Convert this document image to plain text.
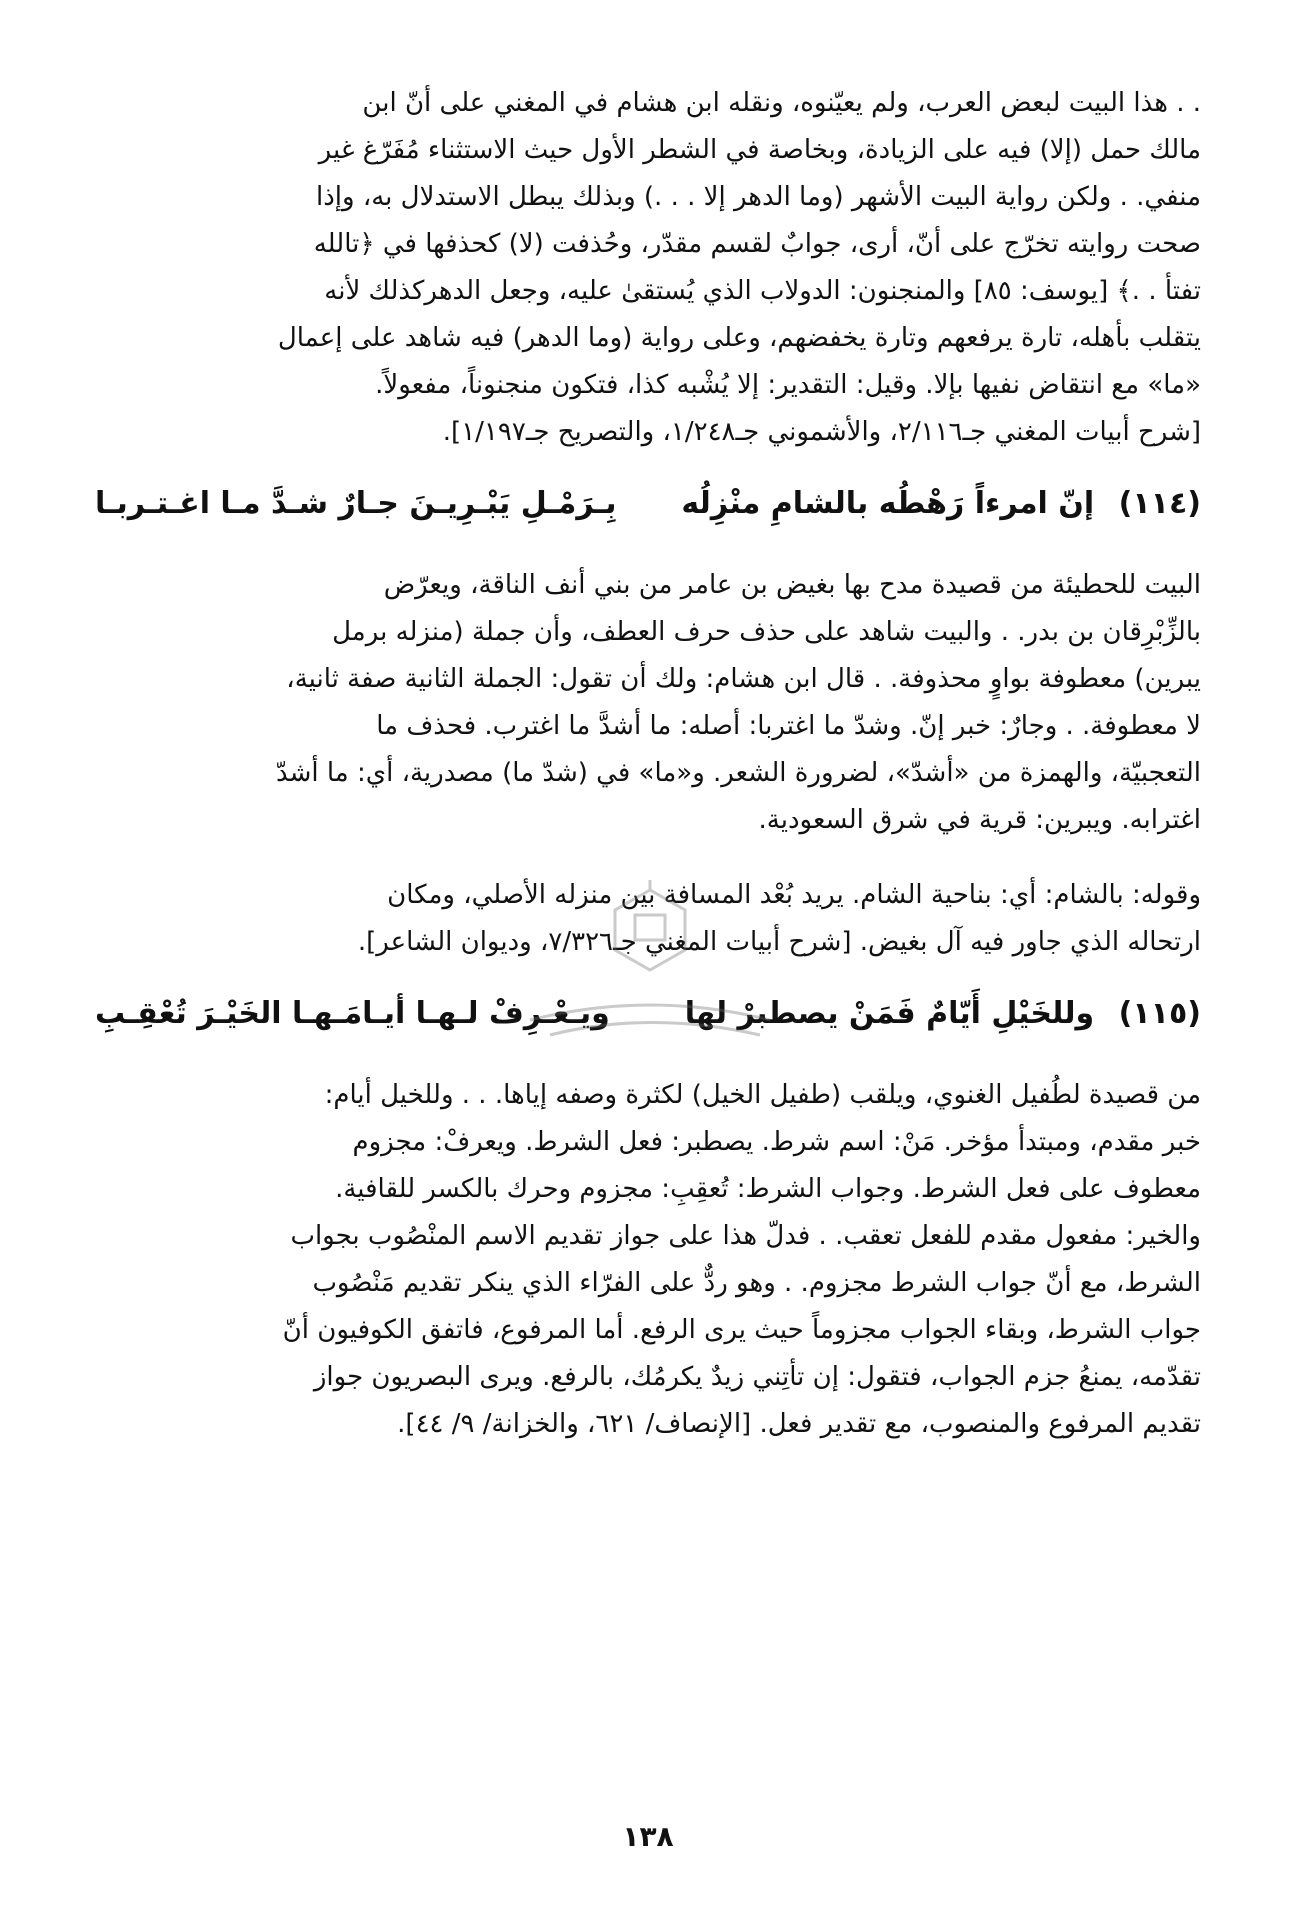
. . هذا البيت لبعض العرب، ولم يعيّنوه، ونقله ابن هشام في المغني على أنّ ابن
مالك حمل (إلا) فيه على الزيادة، وبخاصة في الشطر الأول حيث الاستثناء مُفَرّغ غير
منفي. . ولكن رواية البيت الأشهر (وما الدهر إلا . . .) وبذلك يبطل الاستدلال به، وإذا
صحت روايته تخرّج على أنّ، أرى، جوابٌ لقسم مقدّر، وحُذفت (لا) كحذفها في ﴿تالله
تفتأ . .﴾ [يوسف: ٨٥] والمنجنون: الدولاب الذي يُستقىٰ عليه، وجعل الدهركذلك لأنه
يتقلب بأهله، تارة يرفعهم وتارة يخفضهم، وعلى رواية (وما الدهر) فيه شاهد على إعمال
«ما» مع انتقاض نفيها بإلا. وقيل: التقدير: إلا يُشْبه كذا، فتكون منجنوناً، مفعولاً.
[شرح أبيات المغني جـ٢/١١٦، والأشموني جـ١/٢٤٨، والتصريح جـ١/١٩٧].
(١١٤) إنّ امرءاً رَهْطُه بالشامِ منْزِلُه
بِـرَمْـلِ يَبْـرِيـنَ جـارٌ شـدَّ مـا اغـتـربـا
البيت للحطيئة من قصيدة مدح بها بغيض بن عامر من بني أنف الناقة، ويعرّض
بالزِّبْرِقان بن بدر. . والبيت شاهد على حذف حرف العطف، وأن جملة (منزله برمل
يبرين) معطوفة بواوٍ محذوفة. . قال ابن هشام: ولك أن تقول: الجملة الثانية صفة ثانية،
لا معطوفة. . وجارٌ: خبر إنّ. وشدّ ما اغتربا: أصله: ما أشدَّ ما اغترب. فحذف ما
التعجبيّة، والهمزة من «أشدّ»، لضرورة الشعر. و«ما» في (شدّ ما) مصدرية، أي: ما أشدّ
اغترابه. ويبرين: قرية في شرق السعودية.
وقوله: بالشام: أي: بناحية الشام. يريد بُعْد المسافة بين منزله الأصلي، ومكان
ارتحاله الذي جاور فيه آل بغيض. [شرح أبيات المغني جـ٧/٣٢٦، وديوان الشاعر].
(١١٥) وللخَيْلِ أَيّامٌ فَمَنْ يصطبرْ لها
ويـعْـرِفْ لـهـا أيـامَـهـا الخَيْـرَ تُعْقِـبِ
من قصيدة لطُفيل الغنوي، ويلقب (طفيل الخيل) لكثرة وصفه إياها. . . وللخيل أيام:
خبر مقدم، ومبتدأ مؤخر. مَنْ: اسم شرط. يصطبر: فعل الشرط. ويعرفْ: مجزوم
معطوف على فعل الشرط. وجواب الشرط: تُعقِبِ: مجزوم وحرك بالكسر للقافية.
والخير: مفعول مقدم للفعل تعقب. . فدلّ هذا على جواز تقديم الاسم المنْصُوب بجواب
الشرط، مع أنّ جواب الشرط مجزوم. . وهو ردٌّ على الفرّاء الذي ينكر تقديم مَنْصُوب
جواب الشرط، وبقاء الجواب مجزوماً حيث يرى الرفع. أما المرفوع، فاتفق الكوفيون أنّ
تقدّمه، يمنعُ جزم الجواب، فتقول: إن تأتِني زيدٌ يكرمُك، بالرفع. ويرى البصريون جواز
تقديم المرفوع والمنصوب، مع تقدير فعل. [الإنصاف/ ٦٢١، والخزانة/ ٩/ ٤٤].
١٣٨
